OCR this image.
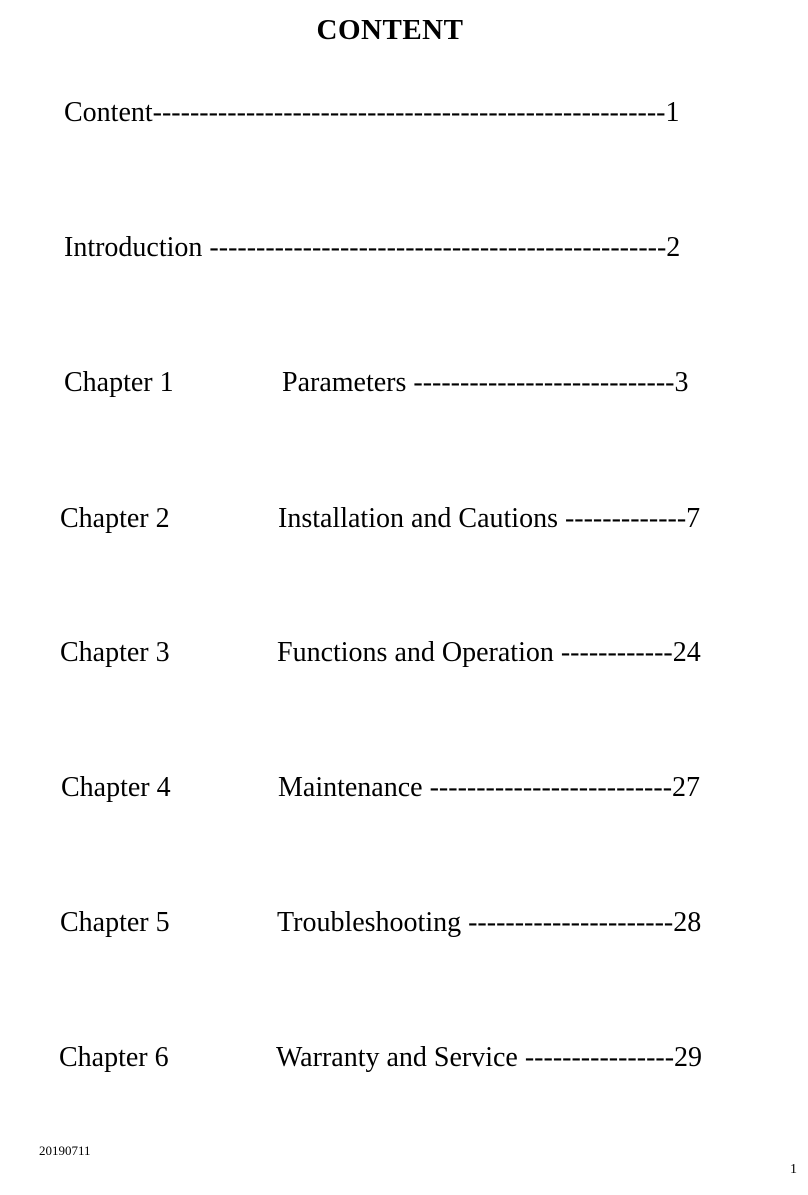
CONTENT
Content-------------------------------------------------------1
Introduction -------------------------------------------------2
Chapter 1	Parameters ----------------------------3
Chapter 2	Installation and Cautions -------------7
Chapter 3	Functions and Operation ------------24
Chapter 4	Maintenance --------------------------27
Chapter 5	Troubleshooting ----------------------28
Chapter 6	Warranty and Service ----------------29
20190711
1
